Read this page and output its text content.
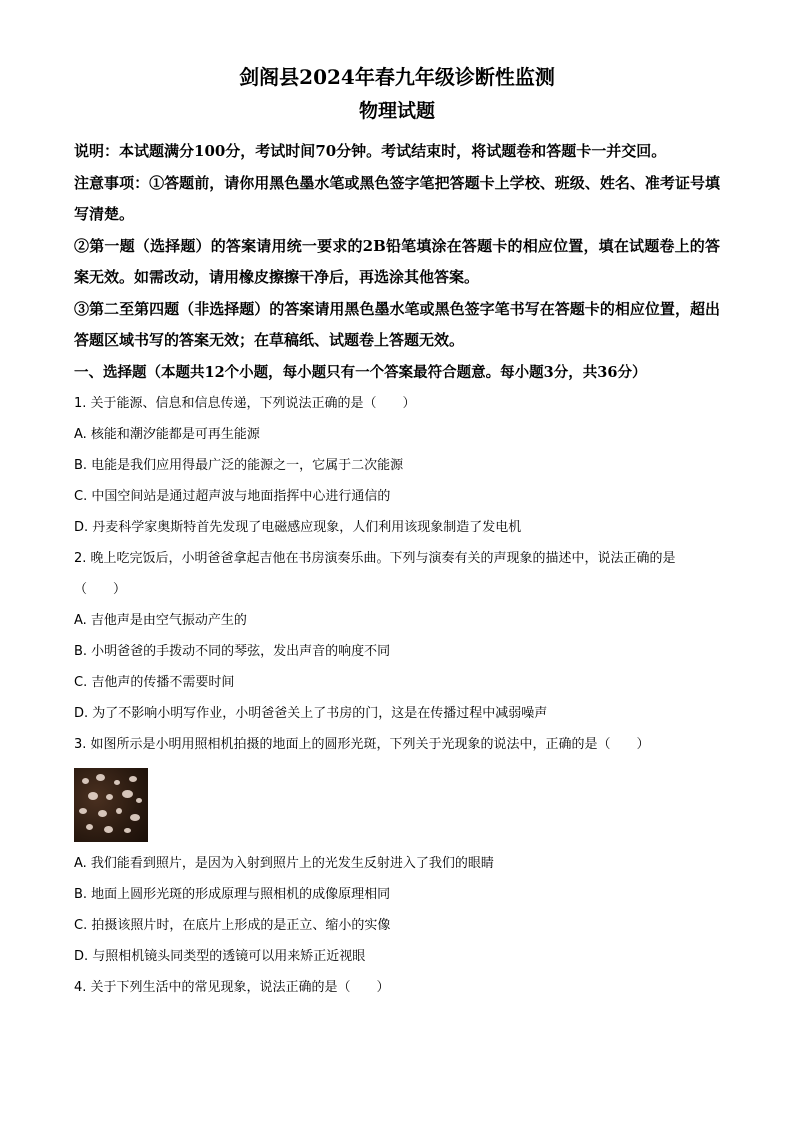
剑阁县2024年春九年级诊断性监测
物理试题

说明：本试题满分100分，考试时间70分钟。考试结束时，将试题卷和答题卡一并交回。

注意事项：①答题前，请你用黑色墨水笔或黑色签字笔把答题卡上学校、班级、姓名、准考证号填写清楚。

②第一题（选择题）的答案请用统一要求的2B铅笔填涂在答题卡的相应位置，填在试题卷上的答案无效。如需改动，请用橡皮擦擦干净后，再选涂其他答案。

③第二至第四题（非选择题）的答案请用黑色墨水笔或黑色签字笔书写在答题卡的相应位置，超出答题区域书写的答案无效；在草稿纸、试题卷上答题无效。

一、选择题（本题共12个小题，每小题只有一个答案最符合题意。每小题3分，共36分）

1. 关于能源、信息和信息传递，下列说法正确的是（　　）

A. 核能和潮汐能都是可再生能源

B. 电能是我们应用得最广泛的能源之一，它属于二次能源

C. 中国空间站是通过超声波与地面指挥中心进行通信的

D. 丹麦科学家奥斯特首先发现了电磁感应现象，人们利用该现象制造了发电机

2. 晚上吃完饭后，小明爸爸拿起吉他在书房演奏乐曲。下列与演奏有关的声现象的描述中，说法正确的是（　　）

A. 吉他声是由空气振动产生的

B. 小明爸爸的手拨动不同的琴弦，发出声音的响度不同

C. 吉他声的传播不需要时间

D. 为了不影响小明写作业，小明爸爸关上了书房的门，这是在传播过程中减弱噪声

3. 如图所示是小明用照相机拍摄的地面上的圆形光斑，下列关于光现象的说法中，正确的是（　　）

A. 我们能看到照片，是因为入射到照片上的光发生反射进入了我们的眼睛

B. 地面上圆形光斑的形成原理与照相机的成像原理相同

C. 拍摄该照片时，在底片上形成的是正立、缩小的实像

D. 与照相机镜头同类型的透镜可以用来矫正近视眼

4. 关于下列生活中的常见现象，说法正确的是（　　）
